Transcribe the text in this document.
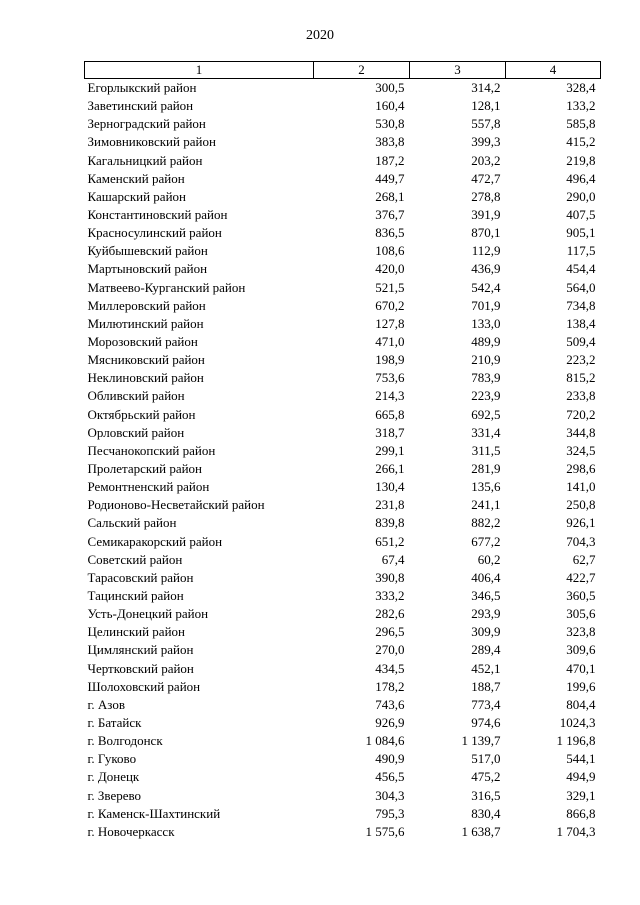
2020
1	2	3	4
Егорлыкский район	300,5	314,2	328,4
Заветинский район	160,4	128,1	133,2
Зерноградский район	530,8	557,8	585,8
Зимовниковский район	383,8	399,3	415,2
Кагальницкий район	187,2	203,2	219,8
Каменский район	449,7	472,7	496,4
Кашарский район	268,1	278,8	290,0
Константиновский район	376,7	391,9	407,5
Красносулинский район	836,5	870,1	905,1
Куйбышевский район	108,6	112,9	117,5
Мартыновский район	420,0	436,9	454,4
Матвеево-Курганский район	521,5	542,4	564,0
Миллеровский район	670,2	701,9	734,8
Милютинский район	127,8	133,0	138,4
Морозовский район	471,0	489,9	509,4
Мясниковский район	198,9	210,9	223,2
Неклиновский район	753,6	783,9	815,2
Обливский район	214,3	223,9	233,8
Октябрьский район	665,8	692,5	720,2
Орловский район	318,7	331,4	344,8
Песчанокопский район	299,1	311,5	324,5
Пролетарский район	266,1	281,9	298,6
Ремонтненский район	130,4	135,6	141,0
Родионово-Несветайский район	231,8	241,1	250,8
Сальский район	839,8	882,2	926,1
Семикаракорский район	651,2	677,2	704,3
Советский район	67,4	60,2	62,7
Тарасовский район	390,8	406,4	422,7
Тацинский район	333,2	346,5	360,5
Усть-Донецкий район	282,6	293,9	305,6
Целинский район	296,5	309,9	323,8
Цимлянский район	270,0	289,4	309,6
Чертковский район	434,5	452,1	470,1
Шолоховский район	178,2	188,7	199,6
г. Азов	743,6	773,4	804,4
г. Батайск	926,9	974,6	1024,3
г. Волгодонск	1 084,6	1 139,7	1 196,8
г. Гуково	490,9	517,0	544,1
г. Донецк	456,5	475,2	494,9
г. Зверево	304,3	316,5	329,1
г. Каменск-Шахтинский	795,3	830,4	866,8
г. Новочеркасск	1 575,6	1 638,7	1 704,3
